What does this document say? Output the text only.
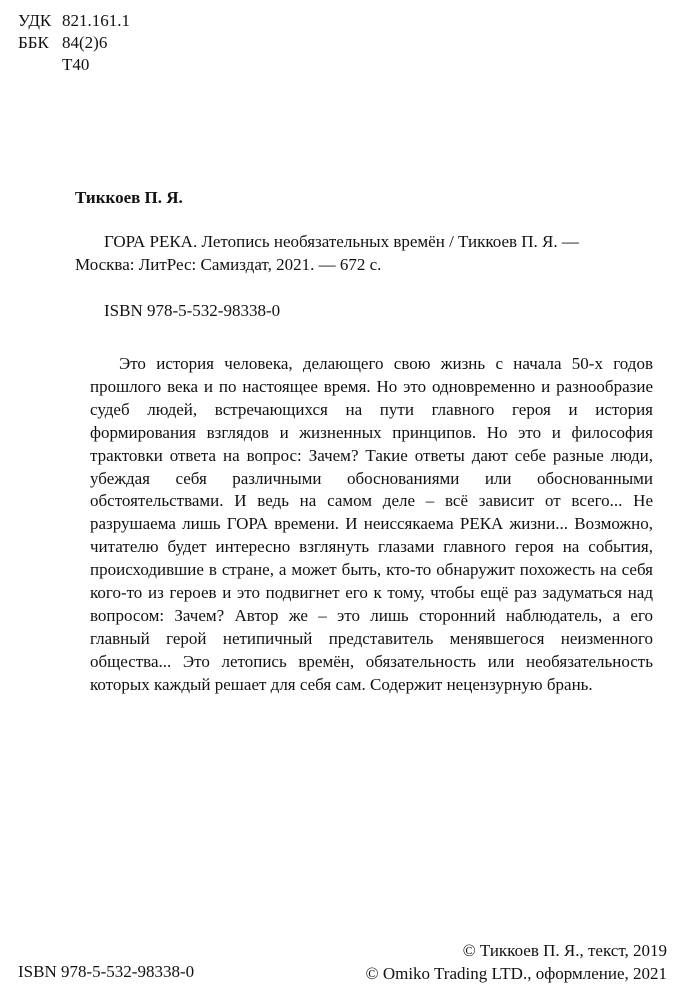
УДК 821.161.1
ББК 84(2)6
Т40
Тиккоев П. Я.
ГОРА РЕКА. Летопись необязательных времён / Тиккоев П. Я. — Москва: ЛитРес: Самиздат, 2021. — 672 с.
ISBN 978-5-532-98338-0

Это история человека, делающего свою жизнь с начала 50-х годов прошлого века и по настоящее время. Но это одновременно и разнообразие судеб людей, встречающихся на пути главного героя и история формирования взглядов и жизненных принципов. Но это и философия трактовки ответа на вопрос: Зачем? Такие ответы дают себе разные люди, убеждая себя различными обоснованиями или обоснованными обстоятельствами. И ведь на самом деле – всё зависит от всего... Не разрушаема лишь ГОРА времени. И неиссякаема РЕКА жизни... Возможно, читателю будет интересно взглянуть глазами главного героя на события, происходившие в стране, а может быть, кто-то обнаружит похожесть на себя кого-то из героев и это подвигнет его к тому, чтобы ещё раз задуматься над вопросом: Зачем? Автор же – это лишь сторонний наблюдатель, а его главный герой нетипичный представитель менявшегося неизменного общества... Это летопись времён, обязательность или необязательность которых каждый решает для себя сам. Содержит нецензурную брань.

ISBN 978-5-532-98338-0
© Тиккоев П. Я., текст, 2019
© Omiko Trading LTD., оформление, 2021
